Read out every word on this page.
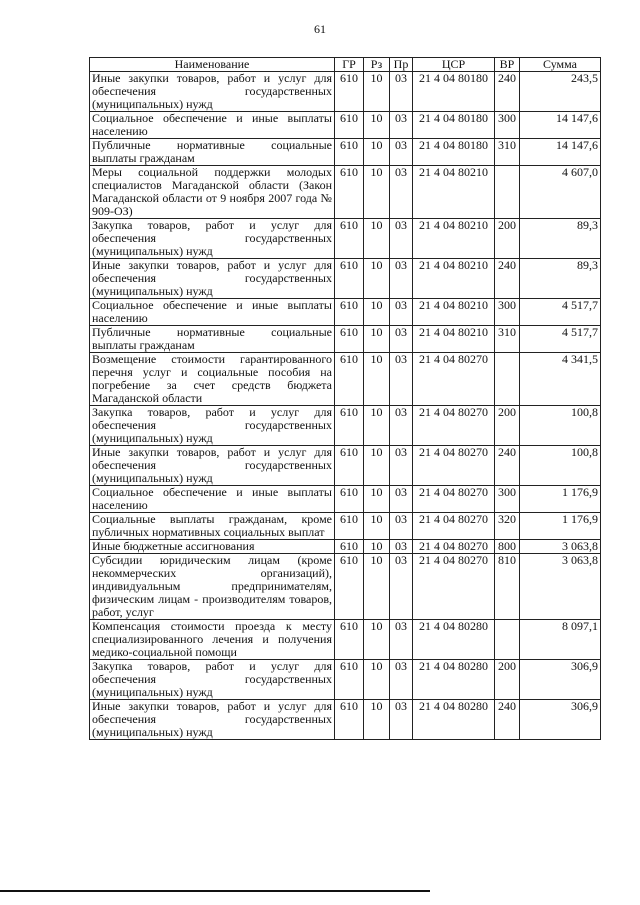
61
Наименование	ГР	Рз	Пр	ЦСР	ВР	Сумма
Иные закупки товаров, работ и услуг для обеспечения государственных (муниципальных) нужд	610	10	03	21 4 04 80180	240	243,5
Социальное обеспечение и иные выплаты населению	610	10	03	21 4 04 80180	300	14 147,6
Публичные нормативные социальные выплаты гражданам	610	10	03	21 4 04 80180	310	14 147,6
Меры социальной поддержки молодых специалистов Магаданской области (Закон Магаданской области от 9 ноября 2007 года № 909-ОЗ)	610	10	03	21 4 04 80210		4 607,0
Закупка товаров, работ и услуг для обеспечения государственных (муниципальных) нужд	610	10	03	21 4 04 80210	200	89,3
Иные закупки товаров, работ и услуг для обеспечения государственных (муниципальных) нужд	610	10	03	21 4 04 80210	240	89,3
Социальное обеспечение и иные выплаты населению	610	10	03	21 4 04 80210	300	4 517,7
Публичные нормативные социальные выплаты гражданам	610	10	03	21 4 04 80210	310	4 517,7
Возмещение стоимости гарантированного перечня услуг и социальные пособия на погребение за счет средств бюджета Магаданской области	610	10	03	21 4 04 80270		4 341,5
Закупка товаров, работ и услуг для обеспечения государственных (муниципальных) нужд	610	10	03	21 4 04 80270	200	100,8
Иные закупки товаров, работ и услуг для обеспечения государственных (муниципальных) нужд	610	10	03	21 4 04 80270	240	100,8
Социальное обеспечение и иные выплаты населению	610	10	03	21 4 04 80270	300	1 176,9
Социальные выплаты гражданам, кроме публичных нормативных социальных выплат	610	10	03	21 4 04 80270	320	1 176,9
Иные бюджетные ассигнования	610	10	03	21 4 04 80270	800	3 063,8
Субсидии юридическим лицам (кроме некоммерческих организаций), индивидуальным предпринимателям, физическим лицам - производителям товаров, работ, услуг	610	10	03	21 4 04 80270	810	3 063,8
Компенсация стоимости проезда к месту специализированного лечения и получения медико-социальной помощи	610	10	03	21 4 04 80280		8 097,1
Закупка товаров, работ и услуг для обеспечения государственных (муниципальных) нужд	610	10	03	21 4 04 80280	200	306,9
Иные закупки товаров, работ и услуг для обеспечения государственных (муниципальных) нужд	610	10	03	21 4 04 80280	240	306,9
